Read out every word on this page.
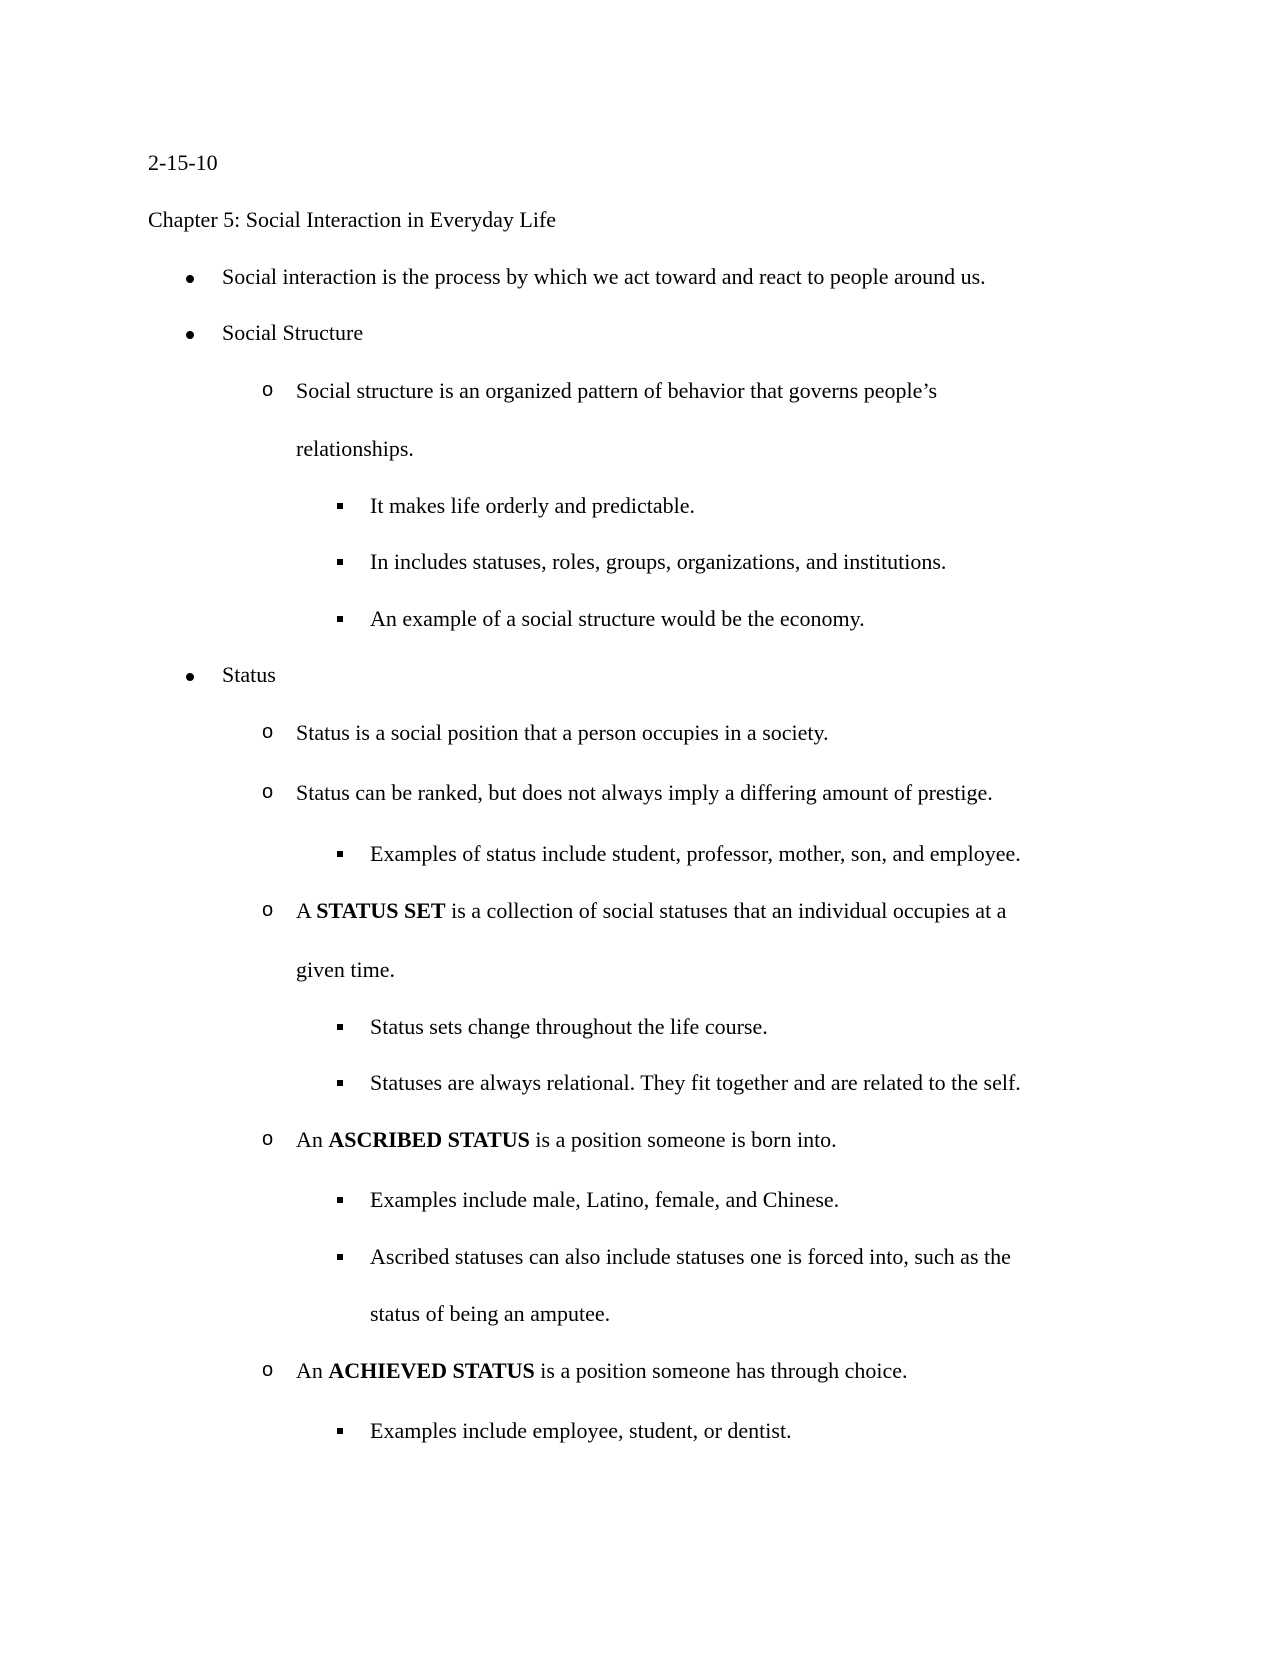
2-15-10
Chapter 5: Social Interaction in Everyday Life
Social interaction is the process by which we act toward and react to people around us.
Social Structure
o Social structure is an organized pattern of behavior that governs people’s
relationships.
It makes life orderly and predictable.
In includes statuses, roles, groups, organizations, and institutions.
An example of a social structure would be the economy.
Status
o Status is a social position that a person occupies in a society.
o Status can be ranked, but does not always imply a differing amount of prestige.
Examples of status include student, professor, mother, son, and employee.
o A STATUS SET is a collection of social statuses that an individual occupies at a
given time.
Status sets change throughout the life course.
Statuses are always relational. They fit together and are related to the self.
o An ASCRIBED STATUS is a position someone is born into.
Examples include male, Latino, female, and Chinese.
Ascribed statuses can also include statuses one is forced into, such as the
status of being an amputee.
o An ACHIEVED STATUS is a position someone has through choice.
Examples include employee, student, or dentist.
